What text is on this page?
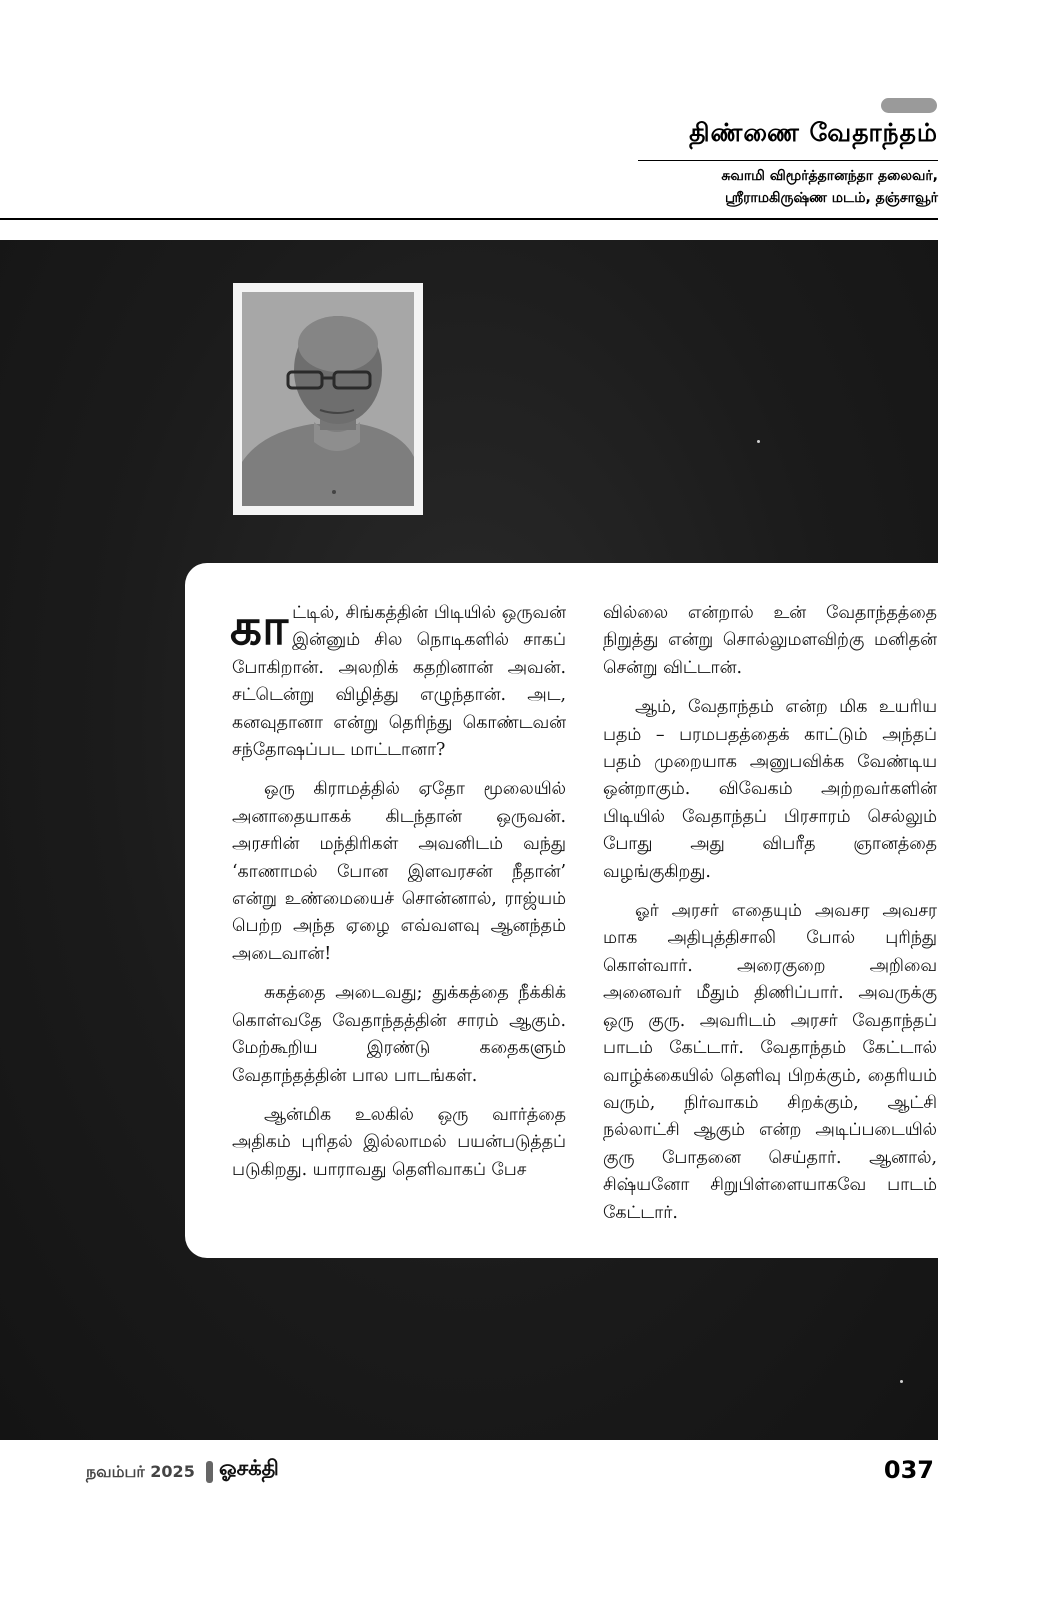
திண்ணை வேதாந்தம்
சுவாமி விமூர்த்தானந்தா தலைவர்,
ஸ்ரீராமகிருஷ்ண மடம், தஞ்சாவூர்

காட்டில், சிங்கத்தின் பிடியில் ஒருவன் இன்னும் சில நொடிகளில் சாகப் போகிறான். அலறிக் கதறினான் அவன். சட்டென்று விழித்து எழுந்தான். அட, கனவுதானா என்று தெரிந்து கொண்டவன் சந்தோஷப்பட மாட்டானா?

ஒரு கிராமத்தில் ஏதோ மூலையில் அனாதையாகக் கிடந்தான் ஒருவன். அரசரின் மந்திரிகள் அவனிடம் வந்து ‘காணாமல் போன இளவரசன் நீதான்’ என்று உண்மையைச் சொன்னால், ராஜ்யம் பெற்ற அந்த ஏழை எவ்வளவு ஆனந்தம் அடைவான்!

சுகத்தை அடைவது; துக்கத்தை நீக்கிக் கொள்வதே வேதாந்தத்தின் சாரம் ஆகும். மேற்கூறிய இரண்டு கதைகளும் வேதாந்தத்தின் பால பாடங்கள்.

ஆன்மிக உலகில் ஒரு வார்த்தை அதிகம் புரிதல் இல்லாமல் பயன்படுத்தப் படுகிறது. யாராவது தெளிவாகப் பேச

வில்லை என்றால் உன் வேதாந்தத்தை நிறுத்து என்று சொல்லுமளவிற்கு மனிதன் சென்று விட்டான்.

ஆம், வேதாந்தம் என்ற மிக உயரிய பதம் – பரமபதத்தைக் காட்டும் அந்தப் பதம் முறையாக அனுபவிக்க வேண்டிய ஒன்றாகும். விவேகம் அற்றவர்களின் பிடியில் வேதாந்தப் பிரசாரம் செல்லும் போது அது விபரீத ஞானத்தை வழங்குகிறது.

ஓர் அரசர் எதையும் அவசர அவசர மாக அதிபுத்திசாலி போல் புரிந்து கொள்வார். அரைகுறை அறிவை அனைவர் மீதும் திணிப்பார். அவருக்கு ஒரு குரு. அவரிடம் அரசர் வேதாந்தப் பாடம் கேட்டார். வேதாந்தம் கேட்டால் வாழ்க்கையில் தெளிவு பிறக்கும், தைரியம் வரும், நிர்வாகம் சிறக்கும், ஆட்சி நல்லாட்சி ஆகும் என்ற அடிப்படையில் குரு போதனை செய்தார். ஆனால், சிஷ்யனோ சிறுபிள்ளையாகவே பாடம் கேட்டார்.

நவம்பர் 2025 ஓசக்தி	037
